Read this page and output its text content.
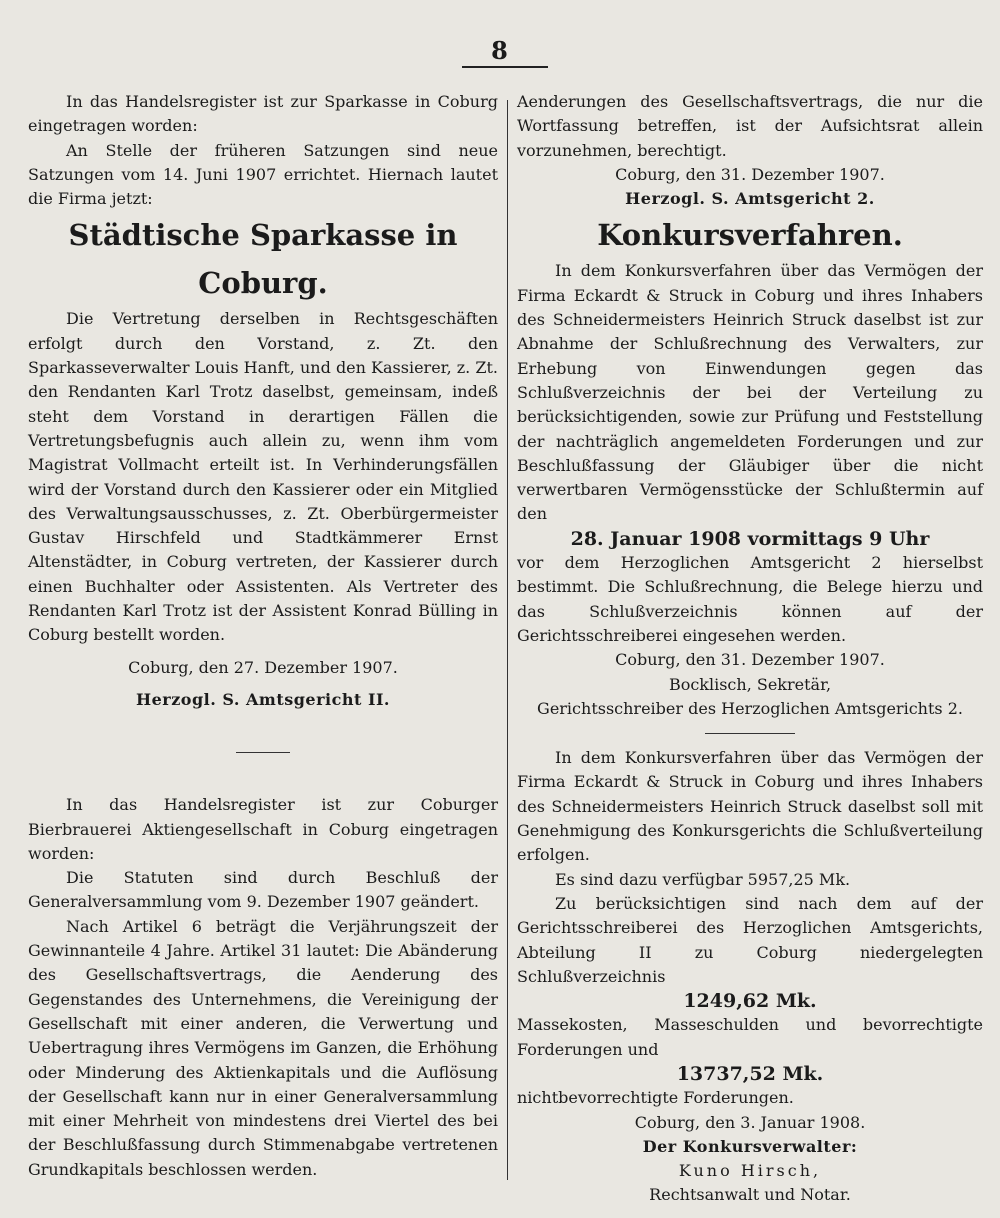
8

In das Handelsregister ist zur Sparkasse in Coburg eingetragen worden:

An Stelle der früheren Satzungen sind neue Satzungen vom 14. Juni 1907 errichtet. Hiernach lautet die Firma jetzt:

Städtische Sparkasse in Coburg.

Die Vertretung derselben in Rechtsgeschäften erfolgt durch den Vorstand, z. Zt. den Sparkasseverwalter Louis Hanft, und den Kassierer, z. Zt. den Rendanten Karl Trotz daselbst, gemeinsam, indeß steht dem Vorstand in derartigen Fällen die Vertretungsbefugnis auch allein zu, wenn ihm vom Magistrat Vollmacht erteilt ist. In Verhinderungsfällen wird der Vorstand durch den Kassierer oder ein Mitglied des Verwaltungsausschusses, z. Zt. Oberbürgermeister Gustav Hirschfeld und Stadtkämmerer Ernst Altenstädter, in Coburg vertreten, der Kassierer durch einen Buchhalter oder Assistenten. Als Vertreter des Rendanten Karl Trotz ist der Assistent Konrad Bülling in Coburg bestellt worden.

Coburg, den 27. Dezember 1907.

Herzogl. S. Amtsgericht II.

In das Handelsregister ist zur Coburger Bierbrauerei Aktiengesellschaft in Coburg eingetragen worden:

Die Statuten sind durch Beschluß der Generalversammlung vom 9. Dezember 1907 geändert.

Nach Artikel 6 beträgt die Verjährungszeit der Gewinnanteile 4 Jahre. Artikel 31 lautet: Die Abänderung des Gesellschaftsvertrags, die Aenderung des Gegenstandes des Unternehmens, die Vereinigung der Gesellschaft mit einer anderen, die Verwertung und Uebertragung ihres Vermögens im Ganzen, die Erhöhung oder Minderung des Aktienkapitals und die Auflösung der Gesellschaft kann nur in einer Generalversammlung mit einer Mehrheit von mindestens drei Viertel des bei der Beschlußfassung durch Stimmenabgabe vertretenen Grundkapitals beschlossen werden.

Aenderungen des Gesellschaftsvertrags, die nur die Wortfassung betreffen, ist der Aufsichtsrat allein vorzunehmen, berechtigt.

Coburg, den 31. Dezember 1907.

Herzogl. S. Amtsgericht 2.

Konkursverfahren.

In dem Konkursverfahren über das Vermögen der Firma Eckardt & Struck in Coburg und ihres Inhabers des Schneidermeisters Heinrich Struck daselbst ist zur Abnahme der Schlußrechnung des Verwalters, zur Erhebung von Einwendungen gegen das Schlußverzeichnis der bei der Verteilung zu berücksichtigenden, sowie zur Prüfung und Feststellung der nachträglich angemeldeten Forderungen und zur Beschlußfassung der Gläubiger über die nicht verwertbaren Vermögensstücke der Schlußtermin auf den

28. Januar 1908 vormittags 9 Uhr

vor dem Herzoglichen Amtsgericht 2 hierselbst bestimmt. Die Schlußrechnung, die Belege hierzu und das Schlußverzeichnis können auf der Gerichtsschreiberei eingesehen werden.

Coburg, den 31. Dezember 1907.

Bocklisch, Sekretär,

Gerichtsschreiber des Herzoglichen Amtsgerichts 2.

In dem Konkursverfahren über das Vermögen der Firma Eckardt & Struck in Coburg und ihres Inhabers des Schneidermeisters Heinrich Struck daselbst soll mit Genehmigung des Konkursgerichts die Schlußverteilung erfolgen.

Es sind dazu verfügbar 5957,25 Mk.

Zu berücksichtigen sind nach dem auf der Gerichtsschreiberei des Herzoglichen Amtsgerichts, Abteilung II zu Coburg niedergelegten Schlußverzeichnis

1249,62 Mk.

Massekosten, Masseschulden und bevorrechtigte Forderungen und

13737,52 Mk.

nichtbevorrechtigte Forderungen.

Coburg, den 3. Januar 1908.

Der Konkursverwalter:

Kuno Hirsch,

Rechtsanwalt und Notar.
